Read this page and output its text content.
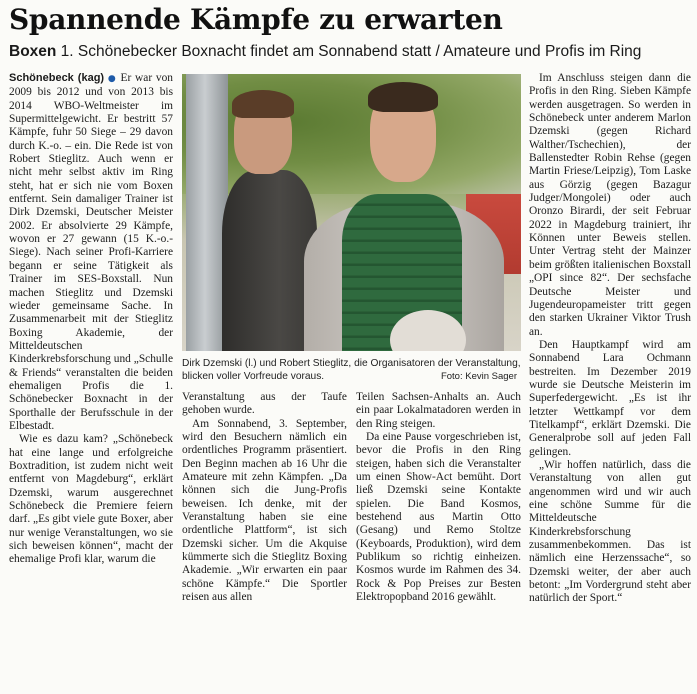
Spannende Kämpfe zu erwarten
Boxen 1. Schönebecker Boxnacht findet am Sonnabend statt / Amateure und Profis im Ring

Schönebeck (kag) ● Er war von 2009 bis 2012 und von 2013 bis 2014 WBO-Weltmeister im Supermittelgewicht. Er bestritt 57 Kämpfe, fuhr 50 Siege – 29 davon durch K.-o. – ein. Die Rede ist von Robert Stieglitz. Auch wenn er nicht mehr selbst aktiv im Ring steht, hat er sich nie vom Boxen entfernt. Sein damaliger Trainer ist Dirk Dzemski, Deutscher Meister 2002. Er absolvierte 29 Kämpfe, wovon er 27 gewann (15 K.-o.-Siege). Nach seiner Profi-Karriere begann er seine Tätigkeit als Trainer im SES-Boxstall. Nun machen Stieglitz und Dzemski wieder gemeinsame Sache. In Zusammenarbeit mit der Stieglitz Boxing Akademie, der Mitteldeutschen Kinderkrebsforschung und „Schulle & Friends“ veranstalten die beiden ehemaligen Profis die 1. Schönebecker Boxnacht in der Sporthalle der Berufsschule in der Elbestadt.

Wie es dazu kam? „Schönebeck hat eine lange und erfolgreiche Boxtradition, ist zudem nicht weit entfernt von Magdeburg“, erklärt Dzemski, warum ausgerechnet Schönebeck die Premiere feiern darf. „Es gibt viele gute Boxer, aber nur wenige Veranstaltungen, wo sie sich beweisen können“, macht der ehemalige Profi klar, warum die

Dirk Dzemski (l.) und Robert Stieglitz, die Organisatoren der Veranstaltung, blicken voller Vorfreude voraus.	Foto: Kevin Sager

Veranstaltung aus der Taufe gehoben wurde.

Am Sonnabend, 3. September, wird den Besuchern nämlich ein ordentliches Programm präsentiert. Den Beginn machen ab 16 Uhr die Amateure mit zehn Kämpfen. „Da können sich die Jung-Profis beweisen. Ich denke, mit der Veranstaltung haben sie eine ordentliche Plattform“, ist sich Dzemski sicher. Um die Akquise kümmerte sich die Stieglitz Boxing Akademie. „Wir erwarten ein paar schöne Kämpfe.“ Die Sportler reisen aus allen

Teilen Sachsen-Anhalts an. Auch ein paar Lokalmatadoren werden in den Ring steigen.

Da eine Pause vorgeschrieben ist, bevor die Profis in den Ring steigen, haben sich die Veranstalter um einen Show-Act bemüht. Dort ließ Dzemski seine Kontakte spielen. Die Band Kosmos, bestehend aus Martin Otto (Gesang) und Remo Stoltze (Keyboards, Produktion), wird dem Publikum so richtig einheizen. Kosmos wurde im Rahmen des 34. Rock & Pop Preises zur Besten Elektropopband 2016 gewählt.

Im Anschluss steigen dann die Profis in den Ring. Sieben Kämpfe werden ausgetragen. So werden in Schönebeck unter anderem Marlon Dzemski (gegen Richard Walther/Tschechien), der Ballenstedter Robin Rehse (gegen Martin Friese/Leipzig), Tom Laske aus Görzig (gegen Bazagur Judger/Mongolei) oder auch Oronzo Birardi, der seit Februar 2022 in Magdeburg trainiert, ihr Können unter Beweis stellen. Unter Vertrag steht der Mainzer beim größten italienischen Boxstall „OPI since 82“. Der sechsfache Deutsche Meister und Jugendeuropameister tritt gegen den starken Ukrainer Viktor Trush an.

Den Hauptkampf wird am Sonnabend Lara Ochmann bestreiten. Im Dezember 2019 wurde sie Deutsche Meisterin im Superfedergewicht. „Es ist ihr letzter Wettkampf vor dem Titelkampf“, erklärt Dzemski. Die Generalprobe soll auf jeden Fall gelingen.

„Wir hoffen natürlich, dass die Veranstaltung von allen gut angenommen wird und wir auch eine schöne Summe für die Mitteldeutsche Kinderkrebsforschung zusammenbekommen. Das ist nämlich eine Herzenssache“, so Dzemski weiter, der aber auch betont: „Im Vordergrund steht aber natürlich der Sport.“
